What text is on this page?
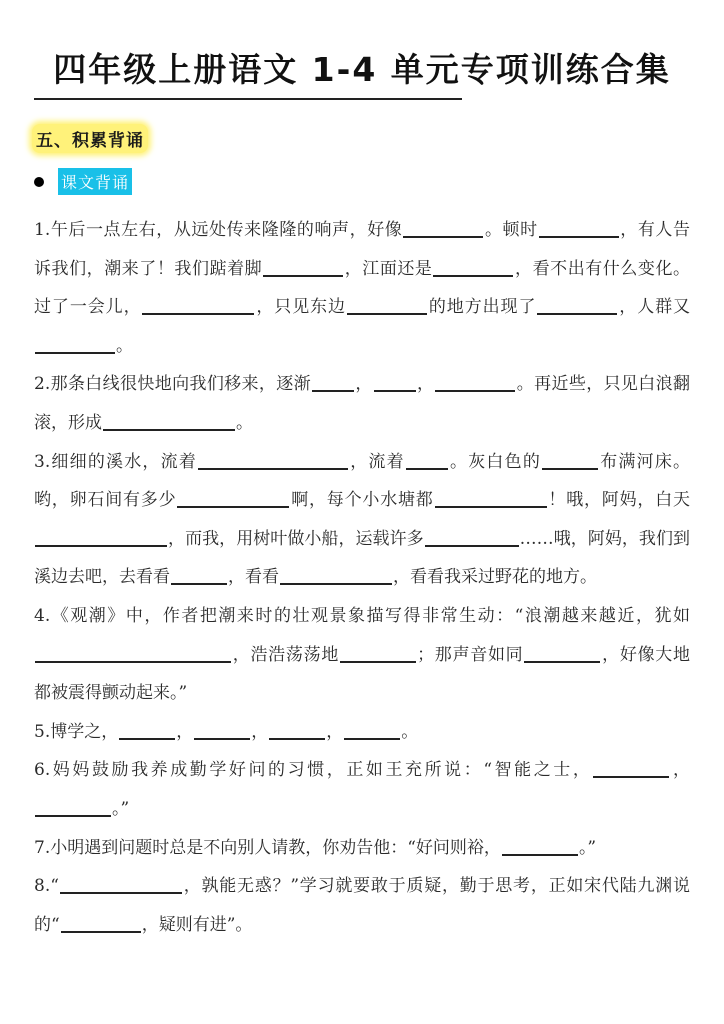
四年级上册语文 1-4 单元专项训练合集
五、积累背诵
课文背诵

1.午后一点左右，从远处传来隆隆的响声，好像	。顿时	，有人告诉我们，潮来了！我们踮着脚	，江面还是	，看不出有什么变化。过了一会儿，	，只见东边	的地方出现了	，人群又。

2.那条白线很快地向我们移来，逐渐	，	，	。再近些，只见白浪翻滚，形成	。

3.细细的溪水，流着	，流着	。灰白色的	布满河床。哟，卵石间有多少	啊，每个小水塘都	！哦，阿妈，白天，而我，用树叶做小船，运载许多	……哦，阿妈，我们到溪边去吧，去看看	，看看	，看看我采过野花的地方。

4.《观潮》中，作者把潮来时的壮观景象描写得非常生动：“浪潮越来越近，犹如，浩浩荡荡地	；那声音如同	，好像大地都被震得颤动起来。”

5.博学之，	，	，	，	。

6.妈妈鼓励我养成勤学好问的习惯，正如王充所说：“智能之士，	，。”

7.小明遇到问题时总是不向别人请教，你劝告他：“好问则裕，	。”

8.“	，孰能无惑？”学习就要敢于质疑，勤于思考，正如宋代陆九渊说的“	，疑则有进”。
